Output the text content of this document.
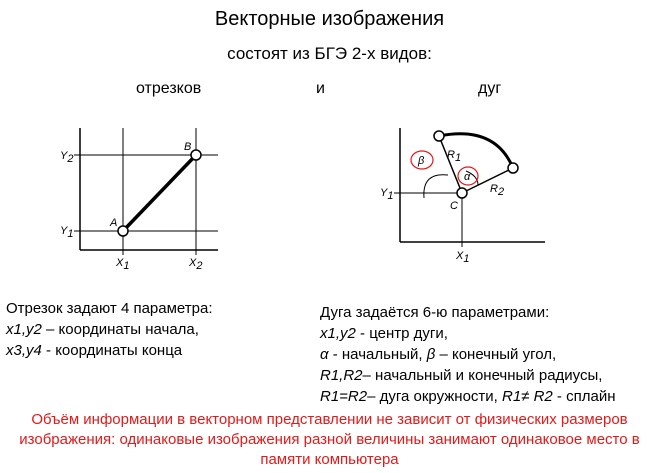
Векторные изображения
состоят из БГЭ 2-х видов:
отрезков	и	дуг
Y2
Y1
X1	X2
A
B
β
α
R1
R2
Y1
X1
C
Отрезок задают 4 параметра:
x1,y2 – координаты начала,
x3,y4 - координаты конца
Дуга задаётся 6-ю параметрами:
x1,y2 - центр дуги,
α - начальный, β – конечный угол,
R1,R2– начальный и конечный радиусы,
R1=R2– дуга окружности, R1≠ R2 - сплайн
Объём информации в векторном представлении не зависит от физических размеров изображения: одинаковые изображения разной величины занимают одинаковое место в памяти компьютера
